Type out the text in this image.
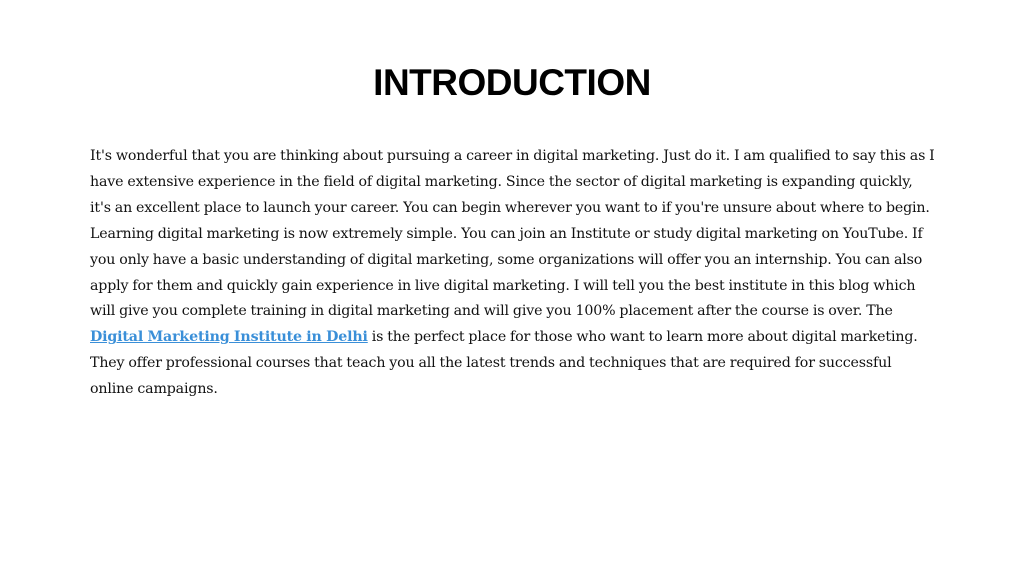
INTRODUCTION

It's wonderful that you are thinking about pursuing a career in digital marketing. Just do it. I am qualified to say this as I have extensive experience in the field of digital marketing. Since the sector of digital marketing is expanding quickly, it's an excellent place to launch your career. You can begin wherever you want to if you're unsure about where to begin. Learning digital marketing is now extremely simple. You can join an Institute or study digital marketing on YouTube. If you only have a basic understanding of digital marketing, some organizations will offer you an internship. You can also apply for them and quickly gain experience in live digital marketing. I will tell you the best institute in this blog which will give you complete training in digital marketing and will give you 100% placement after the course is over. The Digital Marketing Institute in Delhi is the perfect place for those who want to learn more about digital marketing. They offer professional courses that teach you all the latest trends and techniques that are required for successful online campaigns.
